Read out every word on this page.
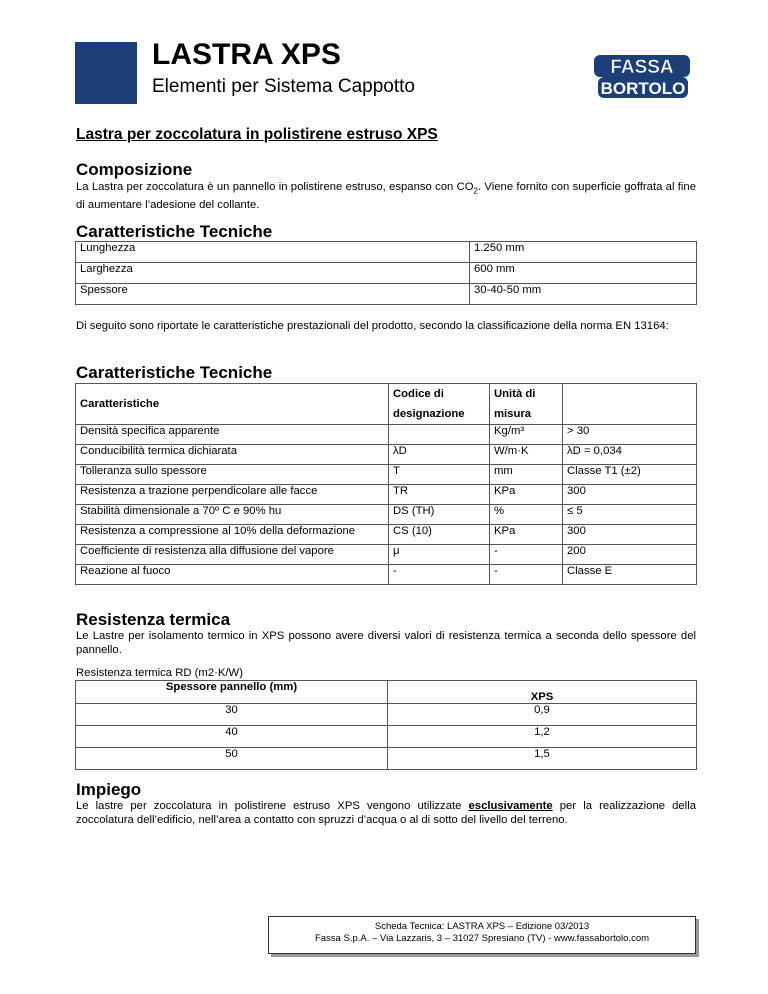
LASTRA XPS
Elementi per Sistema Cappotto
FASSA
BORTOLO
Lastra per zoccolatura in polistirene estruso XPS
Composizione
La Lastra per zoccolatura è un pannello in polistirene estruso, espanso con $CO_2$. Viene fornito con superficie goffrata al fine di aumentare l’adesione del collante.
Caratteristiche Tecniche
Lunghezza	1.250 mm
Larghezza	600 mm
Spessore	30-40-50 mm
Di seguito sono riportate le caratteristiche prestazionali del prodotto, secondo la classificazione della norma EN 13164:
Caratteristiche Tecniche
Caratteristiche	Codice di designazione	Unità di misura	
Densità specifica apparente		Kg/m³	> 30
Conducibilità termica dichiarata	λD	W/m·K	λD = 0,034
Tolleranza sullo spessore	T	mm	Classe T1 (±2)
Resistenza a trazione perpendicolare alle facce	TR	KPa	300
Stabilità dimensionale a 70º C e 90% hu	DS (TH)	%	≤ 5
Resistenza a compressione al 10% della deformazione	CS (10)	KPa	300
Coefficiente di resistenza alla diffusione del vapore	μ	-	200
Reazione al fuoco	-	-	Classe E
Resistenza termica
Le Lastre per isolamento termico in XPS possono avere diversi valori di resistenza termica a seconda dello spessore del pannello.
Resistenza termica RD (m2·K/W)
Spessore pannello (mm)	XPS
30	0,9
40	1,2
50	1,5
Impiego
Le lastre per zoccolatura in polistirene estruso XPS vengono utilizzate esclusivamente per la realizzazione della zoccolatura dell’edificio, nell’area a contatto con spruzzi d’acqua o al di sotto del livello del terreno.
Scheda Tecnica: LASTRA XPS – Edizione 03/2013
Fassa S.p.A. – Via Lazzaris, 3 – 31027 Spresiano (TV) - www.fassabortolo.com
